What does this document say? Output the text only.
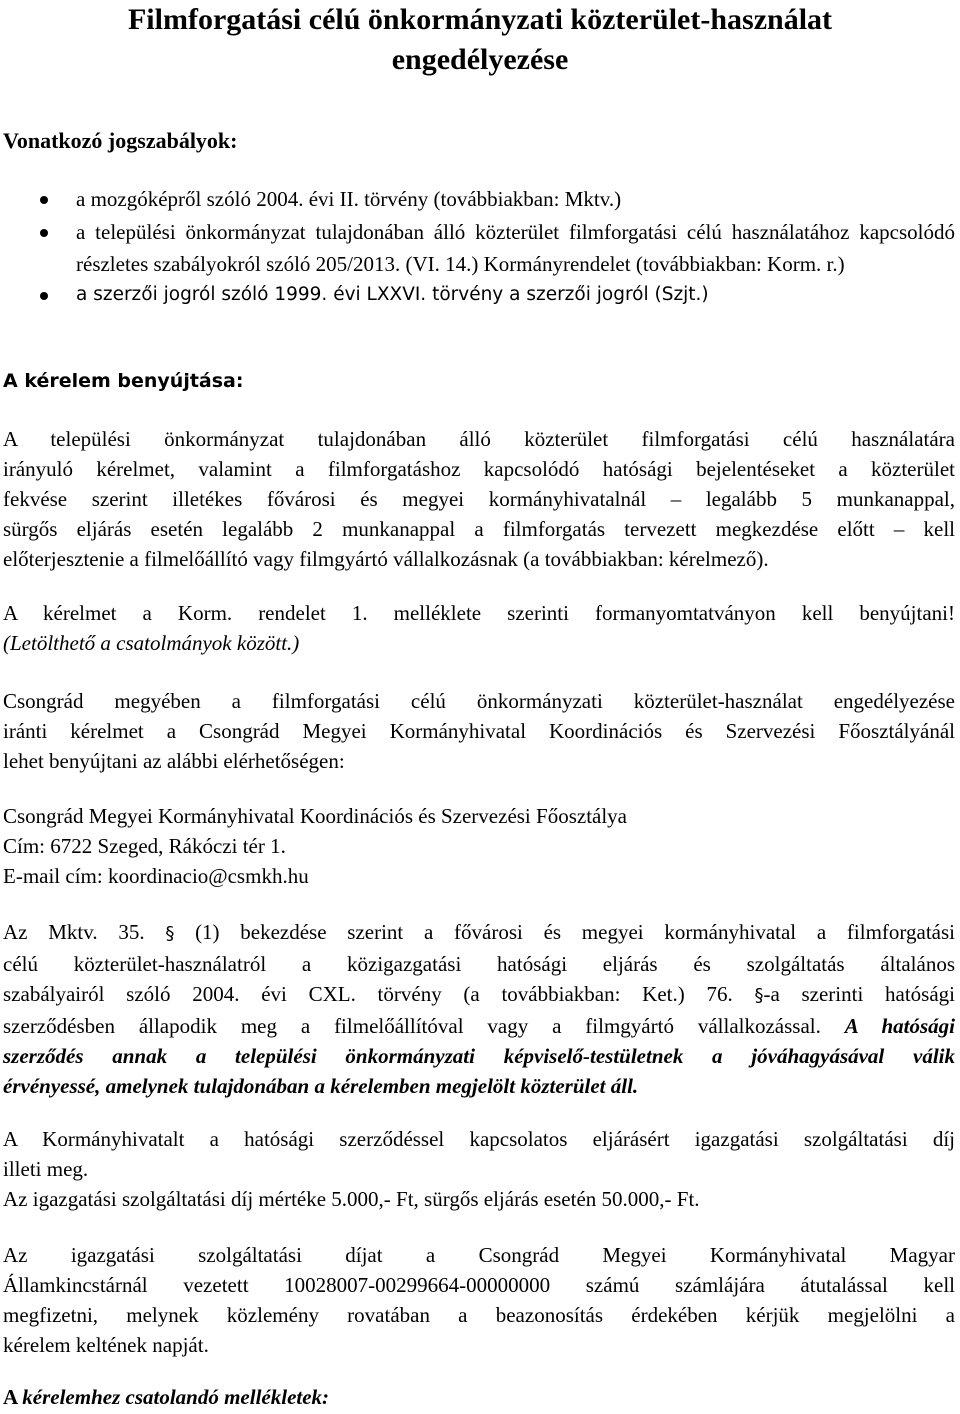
Filmforgatási célú önkormányzati közterület-használat
engedélyezése
Vonatkozó jogszabályok:
a mozgóképről szóló 2004. évi II. törvény (továbbiakban: Mktv.)
a települési önkormányzat tulajdonában álló közterület filmforgatási célú használatához kapcsolódó részletes szabályokról szóló 205/2013. (VI. 14.) Kormányrendelet (továbbiakban: Korm. r.)
a szerzői jogról szóló 1999. évi LXXVI. törvény a szerzői jogról (Szjt.)
A kérelem benyújtása:
A települési önkormányzat tulajdonában álló közterület filmforgatási célú használatára
irányuló kérelmet, valamint a filmforgatáshoz kapcsolódó hatósági bejelentéseket a közterület
fekvése szerint illetékes fővárosi és megyei kormányhivatalnál – legalább 5 munkanappal,
sürgős eljárás esetén legalább 2 munkanappal a filmforgatás tervezett megkezdése előtt – kell
előterjesztenie a filmelőállító vagy filmgyártó vállalkozásnak (a továbbiakban: kérelmező).
A kérelmet a Korm. rendelet 1. melléklete szerinti formanyomtatványon kell benyújtani!
(Letölthető a csatolmányok között.)
Csongrád megyében a filmforgatási célú önkormányzati közterület-használat engedélyezése
iránti kérelmet a Csongrád Megyei Kormányhivatal Koordinációs és Szervezési Főosztályánál
lehet benyújtani az alábbi elérhetőségen:
Csongrád Megyei Kormányhivatal Koordinációs és Szervezési Főosztálya
Cím: 6722 Szeged, Rákóczi tér 1.
E-mail cím: koordinacio@csmkh.hu
Az Mktv. 35. § (1) bekezdése szerint a fővárosi és megyei kormányhivatal a filmforgatási
célú közterület-használatról a közigazgatási hatósági eljárás és szolgáltatás általános
szabályairól szóló 2004. évi CXL. törvény (a továbbiakban: Ket.) 76. §-a szerinti hatósági
szerződésben állapodik meg a filmelőállítóval vagy a filmgyártó vállalkozással. A hatósági
szerződés annak a települési önkormányzati képviselő-testületnek a jóváhagyásával válik
érvényessé, amelynek tulajdonában a kérelemben megjelölt közterület áll.
A Kormányhivatalt a hatósági szerződéssel kapcsolatos eljárásért igazgatási szolgáltatási díj
illeti meg.
Az igazgatási szolgáltatási díj mértéke 5.000,- Ft, sürgős eljárás esetén 50.000,- Ft.
Az igazgatási szolgáltatási díjat a Csongrád Megyei Kormányhivatal Magyar
Államkincstárnál vezetett 10028007-00299664-00000000 számú számlájára átutalással kell
megfizetni, melynek közlemény rovatában a beazonosítás érdekében kérjük megjelölni a
kérelem keltének napját.
A kérelemhez csatolandó mellékletek:
